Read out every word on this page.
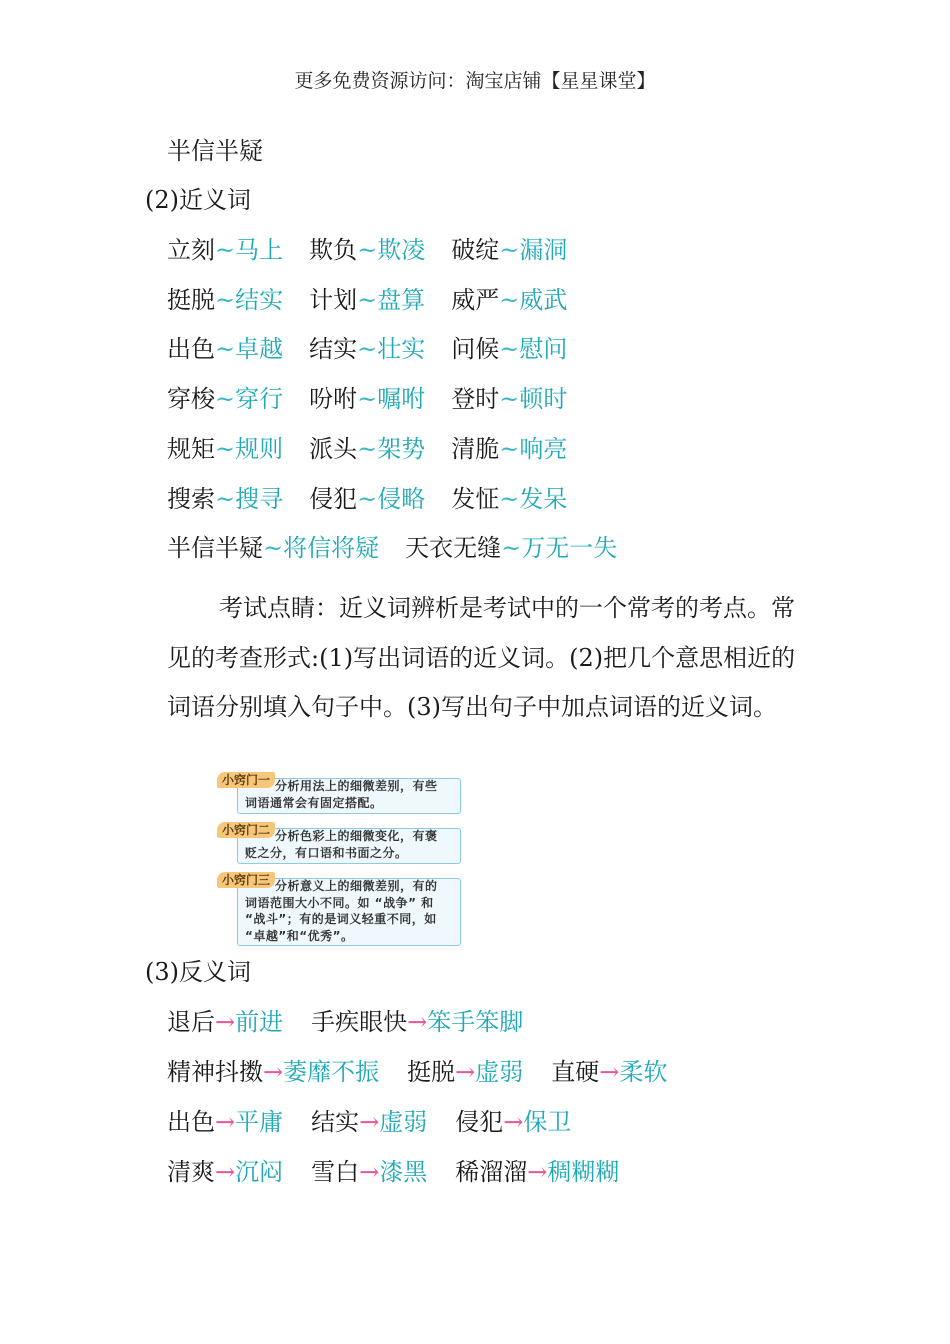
更多免费资源访问：淘宝店铺【星星课堂】
半信半疑
(2)近义词
立刻~马上 欺负~欺凌 破绽~漏洞
挺脱~结实 计划~盘算 威严~威武
出色~卓越 结实~壮实 问候~慰问
穿梭~穿行 吩咐~嘱咐 登时~顿时
规矩~规则 派头~架势 清脆~响亮
搜索~搜寻 侵犯~侵略 发怔~发呆
半信半疑~将信将疑 天衣无缝~万无一失
考试点睛：近义词辨析是考试中的一个常考的考点。常见的考查形式:(1)写出词语的近义词。(2)把几个意思相近的词语分别填入句子中。(3)写出句子中加点词语的近义词。
分析用法上的细微差别，有些
词语通常会有固定搭配。
小窍门一
分析色彩上的细微变化，有褒
贬之分，有口语和书面之分。
小窍门二
分析意义上的细微差别，有的
词语范围大小不同。如 “战争” 和
“战斗”；有的是词义轻重不同，如
“卓越”和“优秀”。
小窍门三
(3)反义词
退后→前进 手疾眼快→笨手笨脚
精神抖擞→萎靡不振 挺脱→虚弱 直硬→柔软
出色→平庸 结实→虚弱 侵犯→保卫
清爽→沉闷 雪白→漆黑 稀溜溜→稠糊糊
